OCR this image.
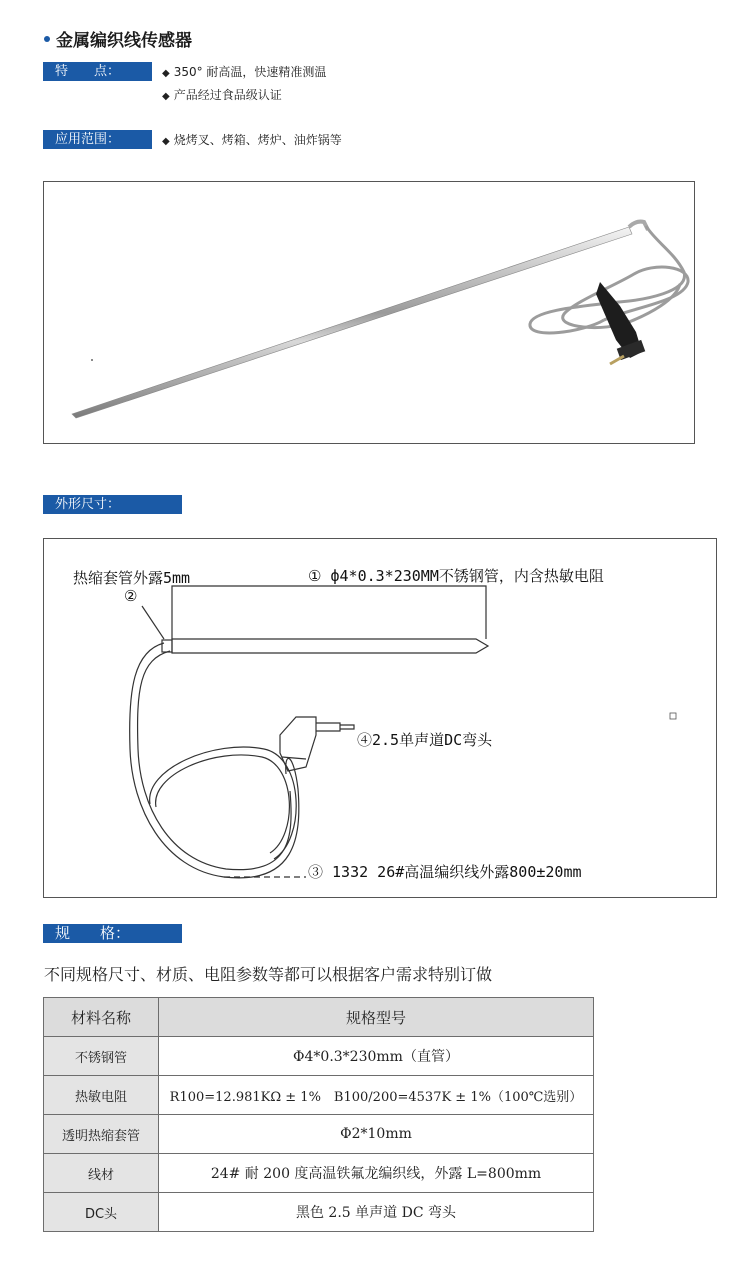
金属编织线传感器
特　　点：	◆ 350° 耐高温，快速精准测温
◆ 产品经过食品级认证
应用范围：	◆ 烧烤叉、烤箱、烤炉、油炸锅等
外形尺寸：
热缩套管外露5mm
②
① ф4*0.3*230MM不锈钢管，内含热敏电阻
④2.5单声道DC弯头
③ 1332 26#高温编织线外露800±20mm
规　　格：
不同规格尺寸、材质、电阻参数等都可以根据客户需求特别订做
材料名称	规格型号
不锈钢管	Φ4*0.3*230mm（直管）
热敏电阻	R100=12.981KΩ ± 1%　B100/200=4537K ± 1%（100℃选别）
透明热缩套管	Φ2*10mm
线材	24# 耐 200 度高温铁氟龙编织线，外露 L=800mm
DC头	黑色 2.5 单声道 DC 弯头
